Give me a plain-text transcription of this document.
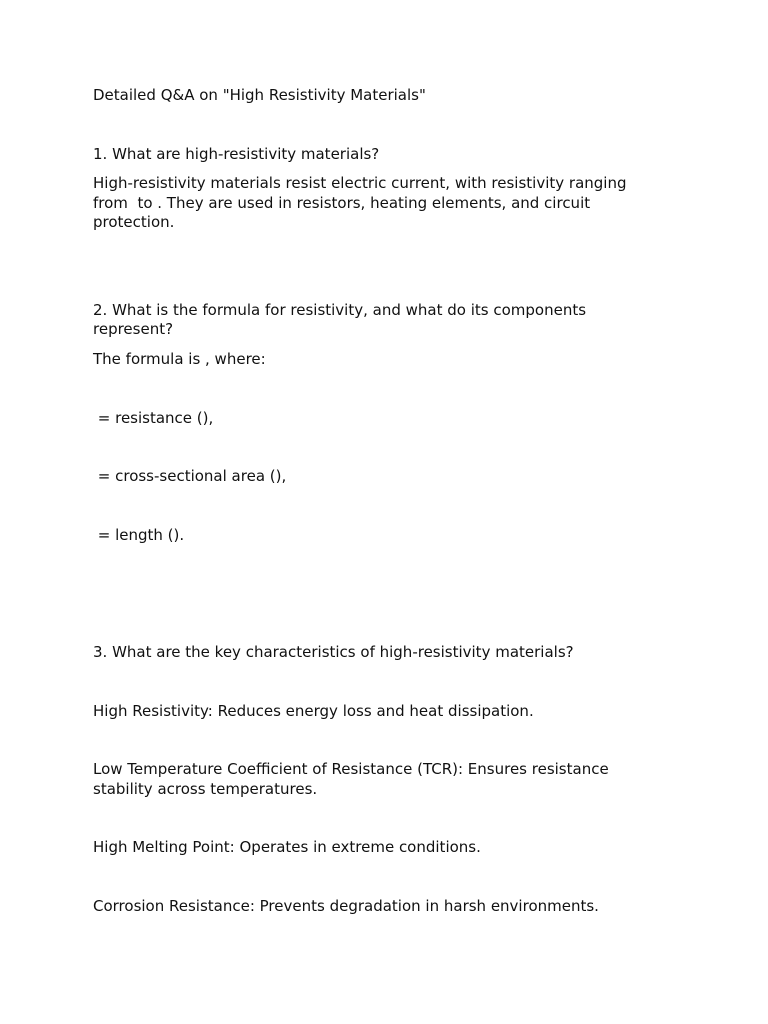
Detailed Q&A on "High Resistivity Materials"

1. What are high-resistivity materials?

High-resistivity materials resist electric current, with resistivity ranging

from  to . They are used in resistors, heating elements, and circuit

protection.

2. What is the formula for resistivity, and what do its components

represent?

The formula is , where:

= resistance (),

= cross-sectional area (),

= length ().

3. What are the key characteristics of high-resistivity materials?

High Resistivity: Reduces energy loss and heat dissipation.

Low Temperature Coefficient of Resistance (TCR): Ensures resistance

stability across temperatures.

High Melting Point: Operates in extreme conditions.

Corrosion Resistance: Prevents degradation in harsh environments.
